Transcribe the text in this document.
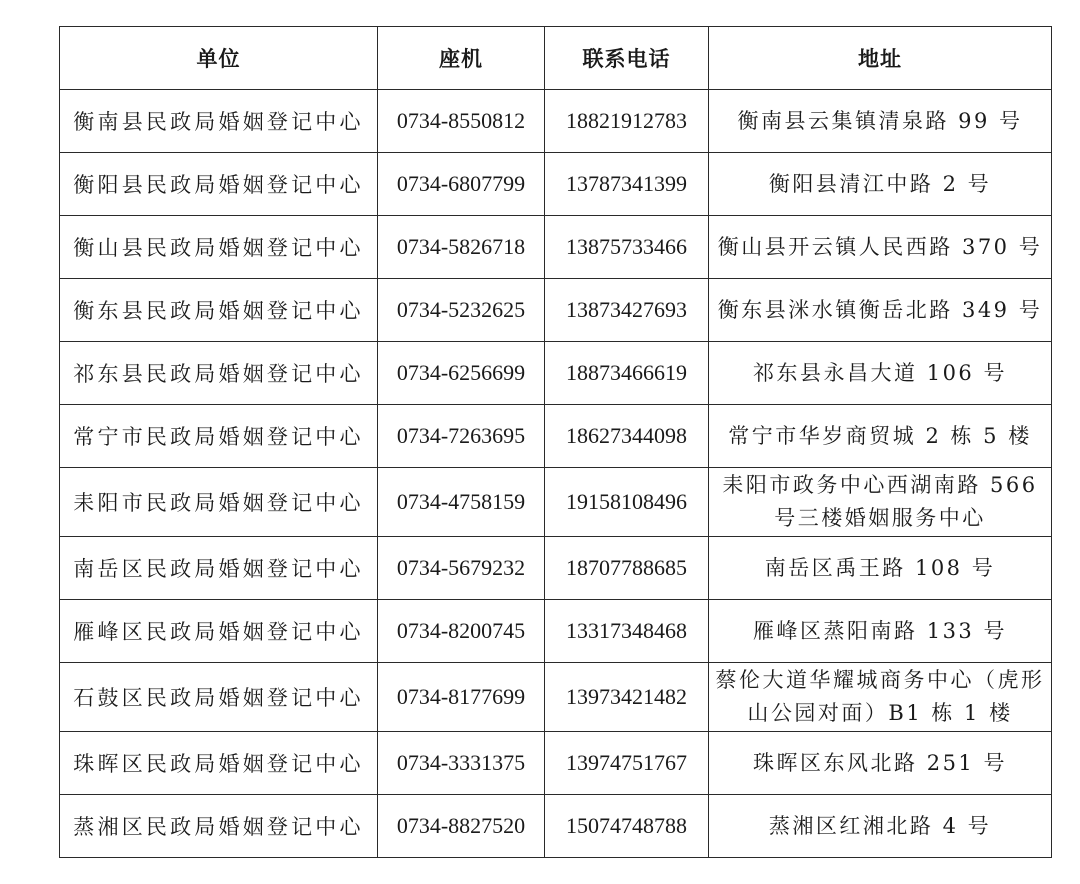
单位	座机	联系电话	地址
衡南县民政局婚姻登记中心	0734-8550812	18821912783	衡南县云集镇清泉路 99 号
衡阳县民政局婚姻登记中心	0734-6807799	13787341399	衡阳县清江中路 2 号
衡山县民政局婚姻登记中心	0734-5826718	13875733466	衡山县开云镇人民西路 370 号
衡东县民政局婚姻登记中心	0734-5232625	13873427693	衡东县洣水镇衡岳北路 349 号
祁东县民政局婚姻登记中心	0734-6256699	18873466619	祁东县永昌大道 106 号
常宁市民政局婚姻登记中心	0734-7263695	18627344098	常宁市华岁商贸城 2 栋 5 楼
耒阳市民政局婚姻登记中心	0734-4758159	19158108496	耒阳市政务中心西湖南路 566 号三楼婚姻服务中心
南岳区民政局婚姻登记中心	0734-5679232	18707788685	南岳区禹王路 108 号
雁峰区民政局婚姻登记中心	0734-8200745	13317348468	雁峰区蒸阳南路 133 号
石鼓区民政局婚姻登记中心	0734-8177699	13973421482	蔡伦大道华耀城商务中心（虎形山公园对面）B1 栋 1 楼
珠晖区民政局婚姻登记中心	0734-3331375	13974751767	珠晖区东风北路 251 号
蒸湘区民政局婚姻登记中心	0734-8827520	15074748788	蒸湘区红湘北路 4 号
